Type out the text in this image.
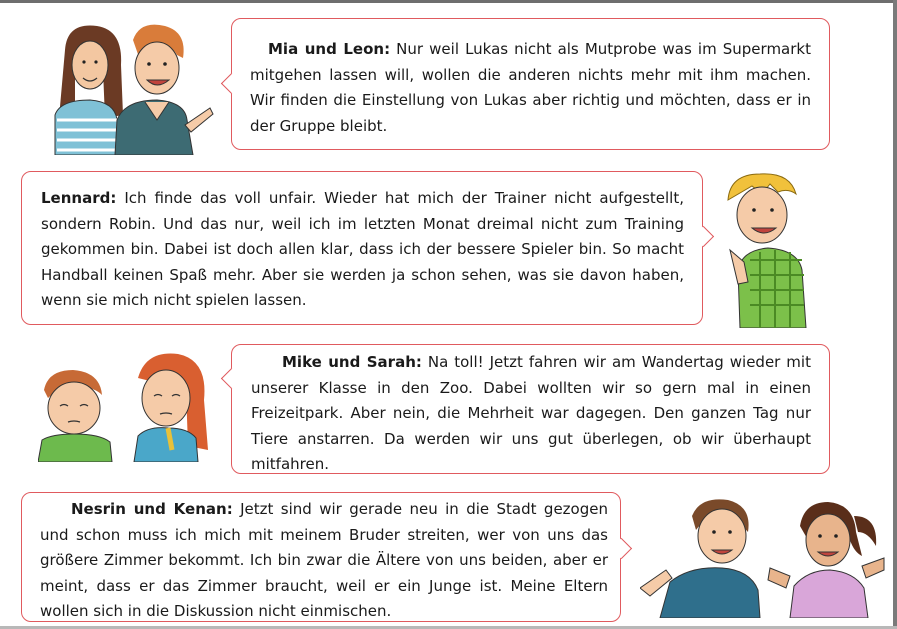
Mia und Leon: Nur weil Lukas nicht als Mutprobe was im Supermarkt mitgehen lassen will, wollen die anderen nichts mehr mit ihm machen. Wir finden die Einstellung von Lukas aber richtig und möchten, dass er in der Gruppe bleibt.

Lennard: Ich finde das voll unfair. Wieder hat mich der Trainer nicht aufgestellt, sondern Robin. Und das nur, weil ich im letzten Monat dreimal nicht zum Training gekommen bin. Dabei ist doch allen klar, dass ich der bessere Spieler bin. So macht Handball keinen Spaß mehr. Aber sie werden ja schon sehen, was sie davon haben, wenn sie mich nicht spielen lassen.

Mike und Sarah: Na toll! Jetzt fahren wir am Wandertag wieder mit unserer Klasse in den Zoo. Dabei wollten wir so gern mal in einen Freizeitpark. Aber nein, die Mehrheit war dagegen. Den ganzen Tag nur Tiere anstarren. Da werden wir uns gut überlegen, ob wir überhaupt mitfahren.

Nesrin und Kenan: Jetzt sind wir gerade neu in die Stadt gezogen und schon muss ich mich mit meinem Bruder streiten, wer von uns das größere Zimmer bekommt. Ich bin zwar die Ältere von uns beiden, aber er meint, dass er das Zimmer braucht, weil er ein Junge ist. Meine Eltern wollen sich in die Diskussion nicht einmischen.
